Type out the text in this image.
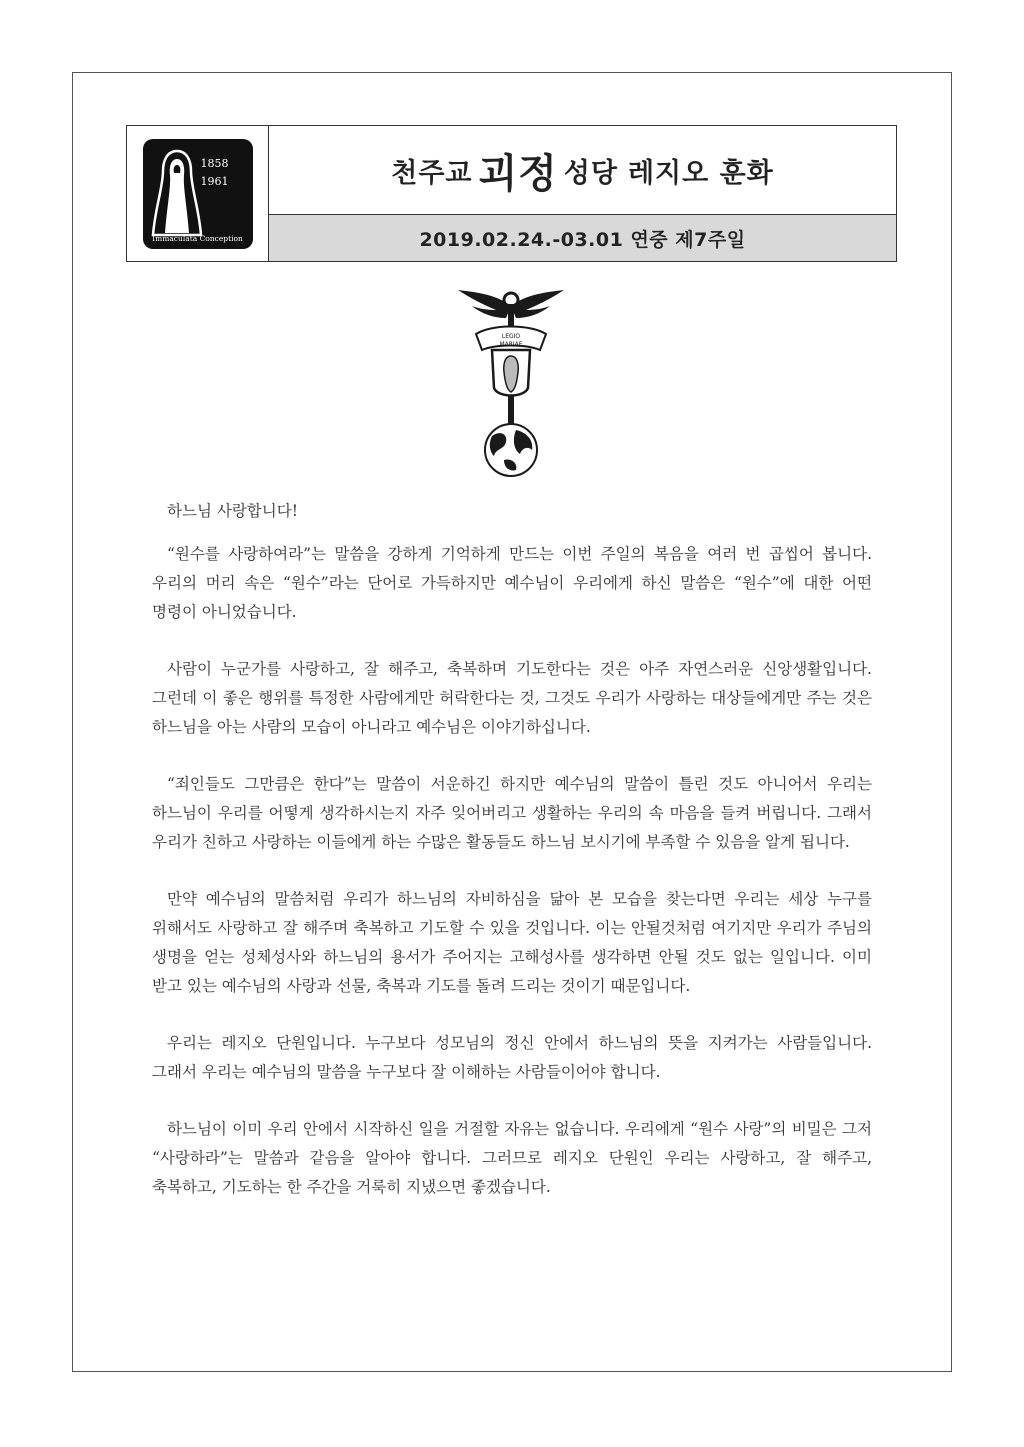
1858
1961
Immaculata Conception
천주교 괴정 성당 레지오 훈화
2019.02.24.-03.01 연중 제7주일
LEGIO
MARIAE

하느님 사랑합니다!

“원수를 사랑하여라”는 말씀을 강하게 기억하게 만드는 이번 주일의 복음을 여러 번 곱씹어 봅니다. 우리의 머리 속은 “원수”라는 단어로 가득하지만 예수님이 우리에게 하신 말씀은 “원수”에 대한 어떤 명령이 아니었습니다.

사람이 누군가를 사랑하고, 잘 해주고, 축복하며 기도한다는 것은 아주 자연스러운 신앙생활입니다. 그런데 이 좋은 행위를 특정한 사람에게만 허락한다는 것, 그것도 우리가 사랑하는 대상들에게만 주는 것은 하느님을 아는 사람의 모습이 아니라고 예수님은 이야기하십니다.

“죄인들도 그만큼은 한다”는 말씀이 서운하긴 하지만 예수님의 말씀이 틀린 것도 아니어서 우리는 하느님이 우리를 어떻게 생각하시는지 자주 잊어버리고 생활하는 우리의 속 마음을 들켜 버립니다. 그래서 우리가 친하고 사랑하는 이들에게 하는 수많은 활동들도 하느님 보시기에 부족할 수 있음을 알게 됩니다.

만약 예수님의 말씀처럼 우리가 하느님의 자비하심을 닮아 본 모습을 찾는다면 우리는 세상 누구를 위해서도 사랑하고 잘 해주며 축복하고 기도할 수 있을 것입니다. 이는 안될것처럼 여기지만 우리가 주님의 생명을 얻는 성체성사와 하느님의 용서가 주어지는 고해성사를 생각하면 안될 것도 없는 일입니다. 이미 받고 있는 예수님의 사랑과 선물, 축복과 기도를 돌려 드리는 것이기 때문입니다.

우리는 레지오 단원입니다. 누구보다 성모님의 정신 안에서 하느님의 뜻을 지켜가는 사람들입니다. 그래서 우리는 예수님의 말씀을 누구보다 잘 이해하는 사람들이어야 합니다.

하느님이 이미 우리 안에서 시작하신 일을 거절할 자유는 없습니다. 우리에게 “원수 사랑”의 비밀은 그저 “사랑하라”는 말씀과 같음을 알아야 합니다. 그러므로 레지오 단원인 우리는 사랑하고, 잘 해주고, 축복하고, 기도하는 한 주간을 거룩히 지냈으면 좋겠습니다.
